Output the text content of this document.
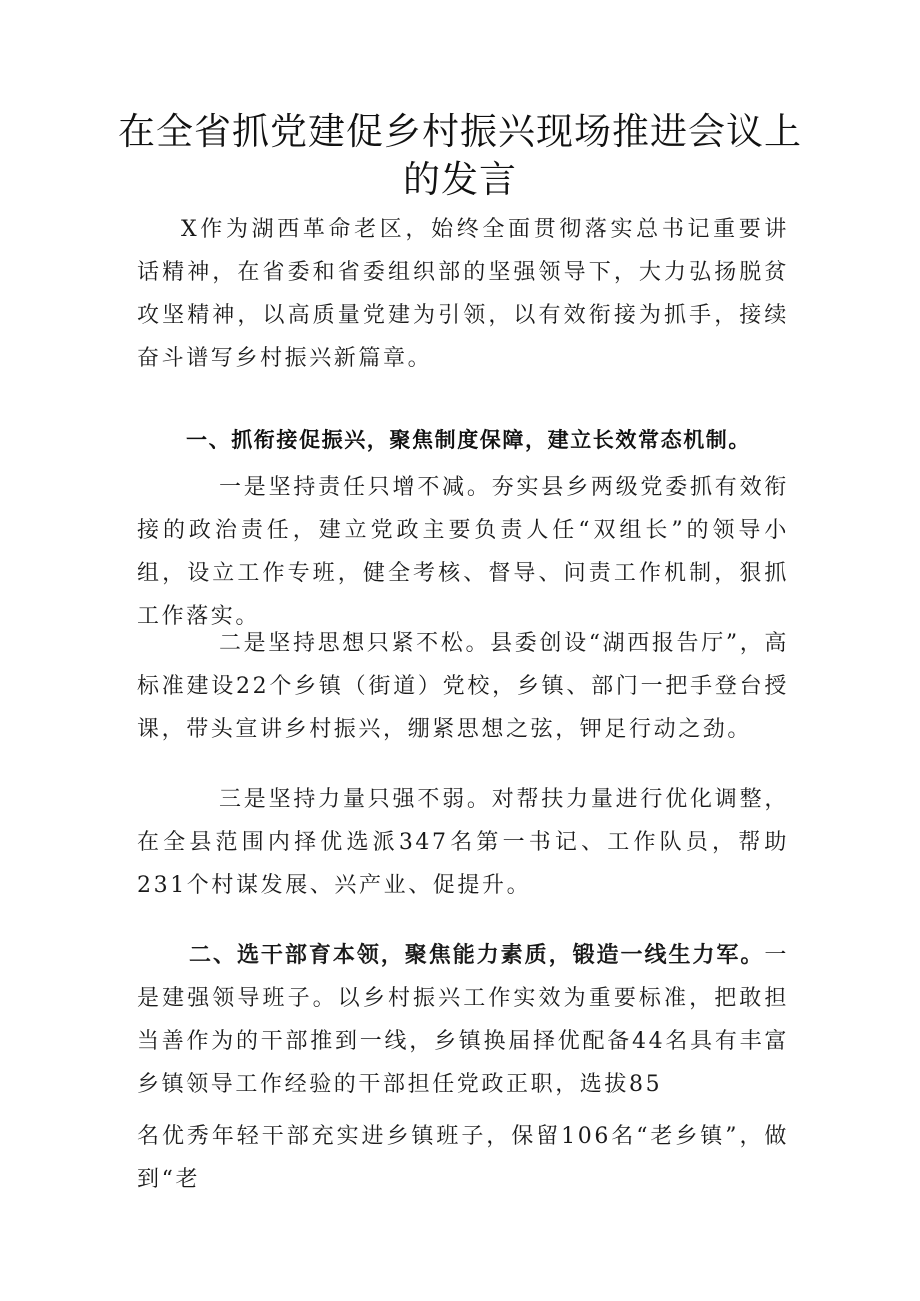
在全省抓党建促乡村振兴现场推进会议上
的发言

X作为湖西革命老区，始终全面贯彻落实总书记重要讲话精神，在省委和省委组织部的坚强领导下，大力弘扬脱贫攻坚精神，以高质量党建为引领，以有效衔接为抓手，接续奋斗谱写乡村振兴新篇章。

一、抓衔接促振兴，聚焦制度保障，建立长效常态机制。

一是坚持责任只增不减。夯实县乡两级党委抓有效衔接的政治责任，建立党政主要负责人任“双组长”的领导小组，设立工作专班，健全考核、督导、问责工作机制，狠抓工作落实。

二是坚持思想只紧不松。县委创设“湖西报告厅”，高标准建设22个乡镇（街道）党校，乡镇、部门一把手登台授课，带头宣讲乡村振兴，绷紧思想之弦，钾足行动之劲。

三是坚持力量只强不弱。对帮扶力量进行优化调整，在全县范围内择优选派347名第一书记、工作队员，帮助231个村谋发展、兴产业、促提升。

二、选干部育本领，聚焦能力素质，锻造一线生力军。一是建强领导班子。以乡村振兴工作实效为重要标准，把敢担当善作为的干部推到一线，乡镇换届择优配备44名具有丰富乡镇领导工作经验的干部担任党政正职，选拔85

名优秀年轻干部充实进乡镇班子，保留106名“老乡镇”，做到“老
